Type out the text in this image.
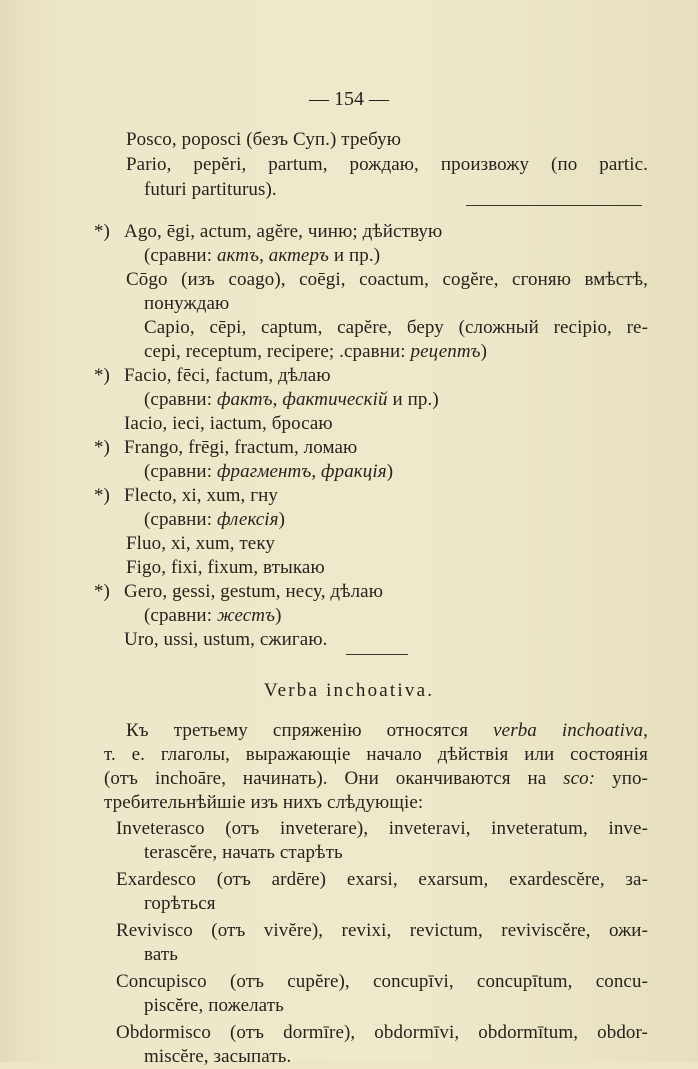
— 154 —
Posco, poposci (безъ Суп.) требую
Pario, pepĕri, partum, рождаю, произвожу (по partic.
futuri partiturus).
*) Ago, ēgi, actum, agĕre, чиню; дѣйствую
(сравни: актъ, актеръ и пр.)
Cōgo (изъ coago), coēgi, coactum, cogĕre, сгоняю вмѣстѣ,
понуждаю
Capio, cēpi, captum, capĕre, беру (сложный recipio, re-
cepi, receptum, recipere; .сравни: рецептъ)
*) Facio, fēci, factum, дѣлаю
(сравни: фактъ, фактическій и пр.)
Iacio, ieci, iactum, бросаю
*) Frango, frēgi, fractum, ломаю
(сравни: фрагментъ, фракція)
*) Flecto, xi, xum, гну
(сравни: флексія)
Fluo, xi, xum, теку
Figo, fixi, fixum, втыкаю
*) Gero, gessi, gestum, несу, дѣлаю
(сравни: жестъ)
Uro, ussi, ustum, сжигаю.
Verba inchoativa.
Къ третьему спряженію относятся verba inchoativa,
т. е. глаголы, выражающіе начало дѣйствія или состоянія
(отъ inchoāre, начинать). Они оканчиваются на sco: упо-
требительнѣйшіе изъ нихъ слѣдующіе:
Inveterasco (отъ inveterare), inveteravi, inveteratum, inve-
terascĕre, начать старѣть
Exardesco (отъ ardēre) exarsi, exarsum, exardescĕre, за-
горѣться
Revivisco (отъ vivĕre), revixi, revictum, reviviscĕre, ожи-
вать
Concupisco (отъ cupĕre), concupīvi, concupītum, concu-
piscĕre, пожелать
Obdormisco (отъ dormīre), obdormīvi, obdormītum, obdor-
miscĕre, засыпать.
